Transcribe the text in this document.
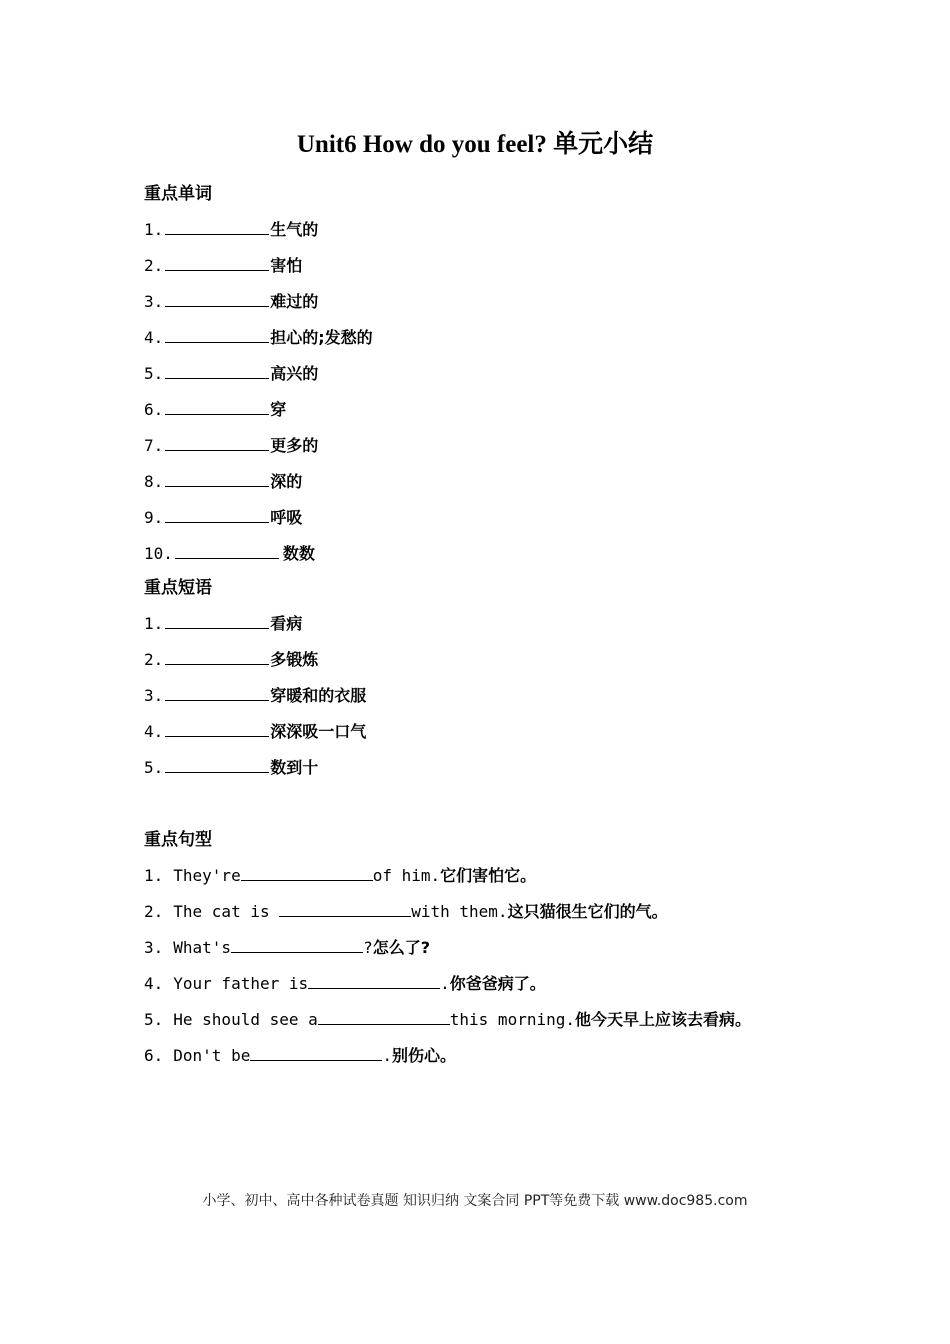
Unit6 How do you feel? 单元小结
重点单词
1.	生气的
2.	害怕
3.	难过的
4.	担心的;发愁的
5.	高兴的
6.	穿
7.	更多的
8.	深的
9.	呼吸
10.	数数
重点短语
1.	看病
2.	多锻炼
3.	穿暖和的衣服
4.	深深吸一口气
5.	数到十
重点句型
1. They're	of him.它们害怕它。
2. The cat is	with them.这只猫很生它们的气。
3. What's	?怎么了?
4. Your father is	.你爸爸病了。
5. He should see a	this morning.他今天早上应该去看病。
6. Don't be	.别伤心。
小学、初中、高中各种试卷真题 知识归纳 文案合同 PPT等免费下载 www.doc985.com
